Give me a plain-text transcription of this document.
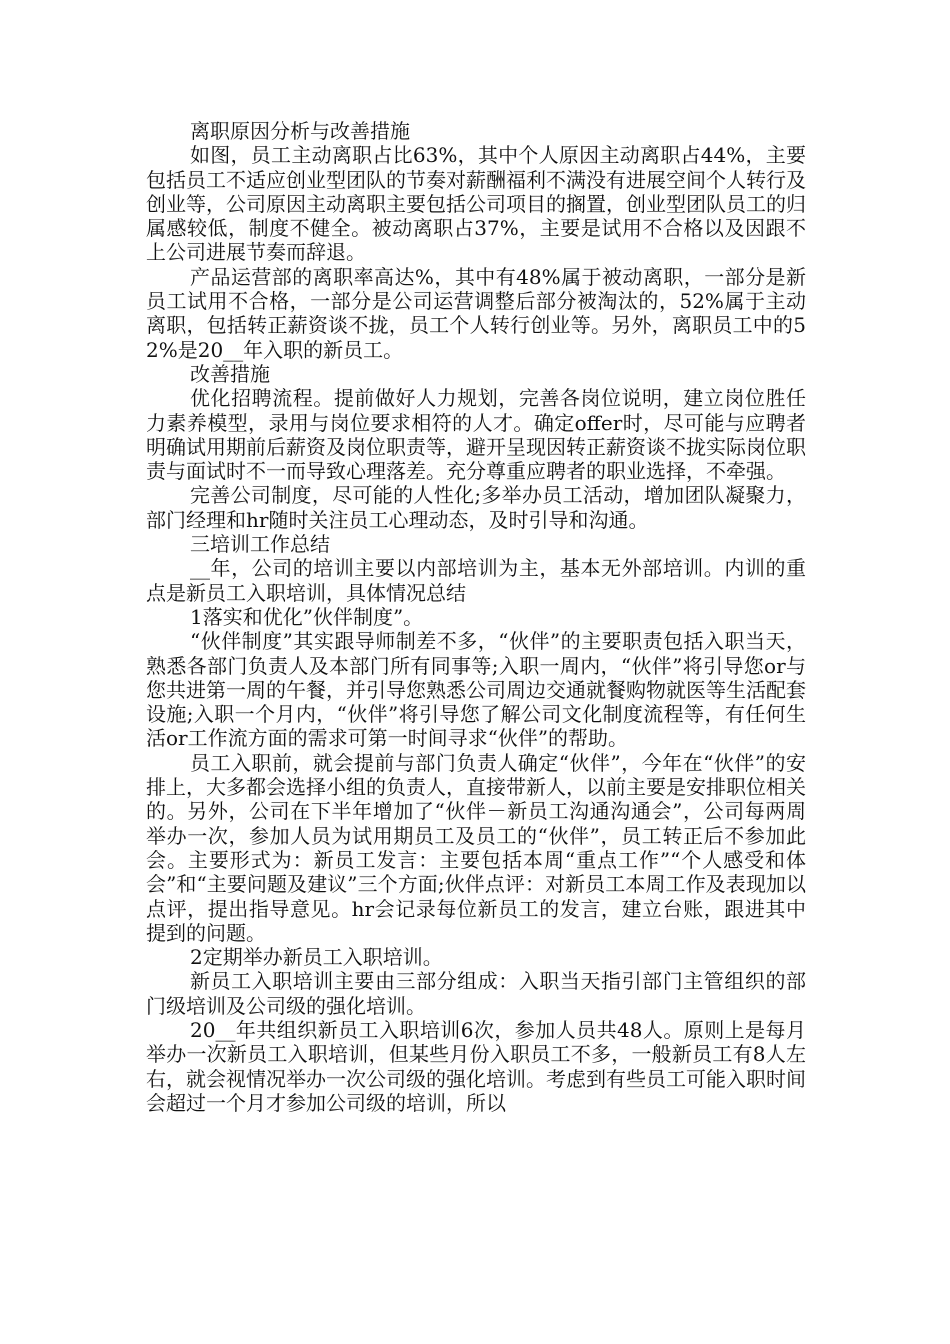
离职原因分析与改善措施

如图，员工主动离职占比63%，其中个人原因主动离职占44%，主要包括员工不适应创业型团队的节奏对薪酬福利不满没有进展空间个人转行及创业等，公司原因主动离职主要包括公司项目的搁置，创业型团队员工的归属感较低，制度不健全。被动离职占37%，主要是试用不合格以及因跟不上公司进展节奏而辞退。

产品运营部的离职率高达%，其中有48%属于被动离职，一部分是新员工试用不合格，一部分是公司运营调整后部分被淘汰的，52%属于主动离职，包括转正薪资谈不拢，员工个人转行创业等。另外，离职员工中的52%是20__年入职的新员工。

改善措施

优化招聘流程。提前做好人力规划，完善各岗位说明，建立岗位胜任力素养模型，录用与岗位要求相符的人才。确定offer时，尽可能与应聘者明确试用期前后薪资及岗位职责等，避开呈现因转正薪资谈不拢实际岗位职责与面试时不一而导致心理落差。充分尊重应聘者的职业选择，不牵强。

完善公司制度，尽可能的人性化;多举办员工活动，增加团队凝聚力，部门经理和hr随时关注员工心理动态，及时引导和沟通。

三培训工作总结

__年，公司的培训主要以内部培训为主，基本无外部培训。内训的重点是新员工入职培训，具体情况总结

1落实和优化”伙伴制度”。

“伙伴制度”其实跟导师制差不多，“伙伴”的主要职责包括入职当天，熟悉各部门负责人及本部门所有同事等;入职一周内，“伙伴”将引导您or与您共进第一周的午餐，并引导您熟悉公司周边交通就餐购物就医等生活配套设施;入职一个月内，“伙伴”将引导您了解公司文化制度流程等，有任何生活or工作流方面的需求可第一时间寻求“伙伴”的帮助。

员工入职前，就会提前与部门负责人确定“伙伴”，今年在“伙伴”的安排上，大多都会选择小组的负责人，直接带新人，以前主要是安排职位相关的。另外，公司在下半年增加了“伙伴－新员工沟通沟通会”，公司每两周举办一次，参加人员为试用期员工及员工的“伙伴”，员工转正后不参加此会。主要形式为：新员工发言：主要包括本周“重点工作”“个人感受和体会”和“主要问题及建议”三个方面;伙伴点评：对新员工本周工作及表现加以点评，提出指导意见。hr会记录每位新员工的发言，建立台账，跟进其中提到的问题。

2定期举办新员工入职培训。

新员工入职培训主要由三部分组成：入职当天指引部门主管组织的部门级培训及公司级的强化培训。

20__年共组织新员工入职培训6次，参加人员共48人。原则上是每月举办一次新员工入职培训，但某些月份入职员工不多，一般新员工有8人左右，就会视情况举办一次公司级的强化培训。考虑到有些员工可能入职时间会超过一个月才参加公司级的培训，所以
